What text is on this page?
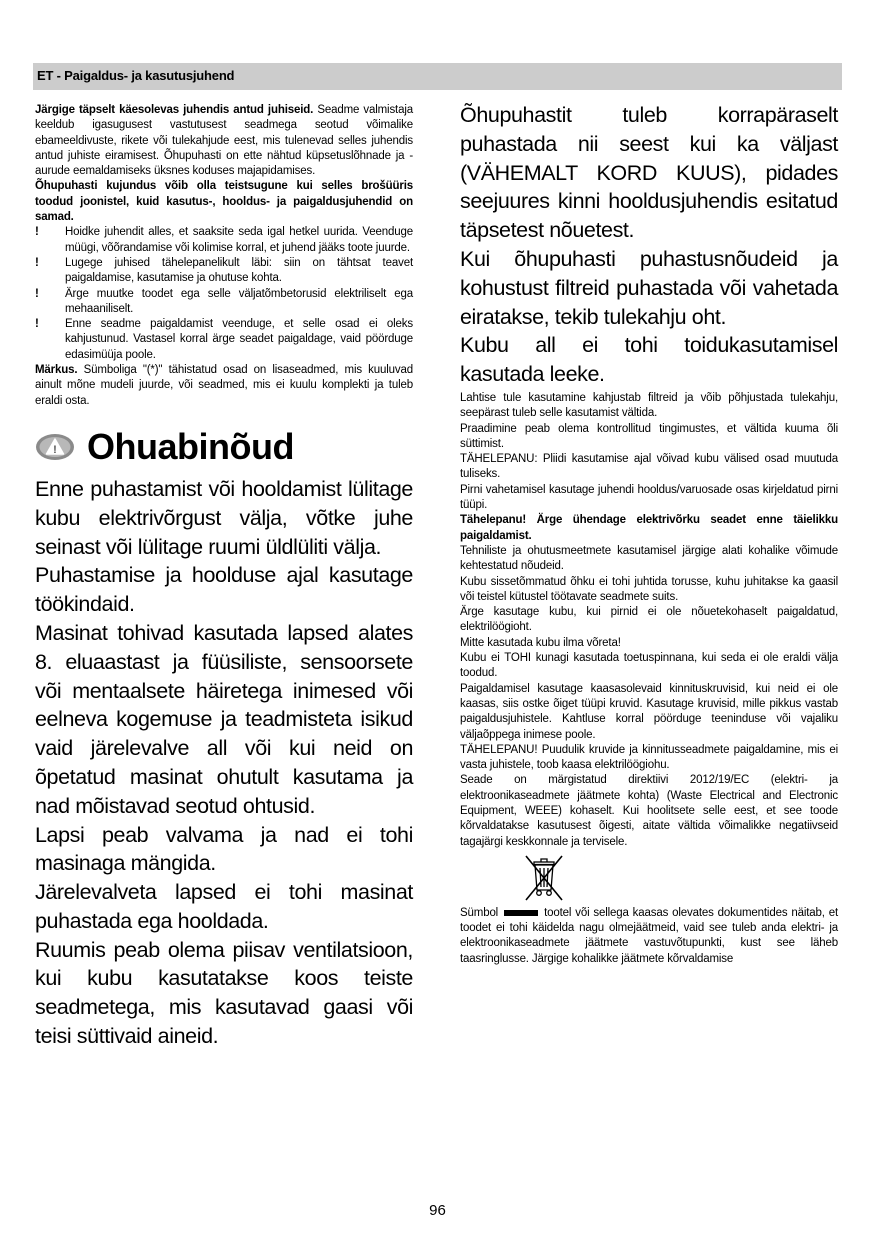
ET - Paigaldus- ja kasutusjuhend

Järgige täpselt käesolevas juhendis antud juhiseid. Seadme valmistaja keeldub igasugusest vastutusest seadmega seotud võimalike ebameeldivuste, rikete või tulekahjude eest, mis tulenevad selles juhendis antud juhiste eiramisest. Õhupuhasti on ette nähtud küpsetuslõhnade ja -aurude eemaldamiseks üksnes koduses majapidamises.

Õhupuhasti kujundus võib olla teistsugune kui selles brošüüris toodud joonistel, kuid kasutus-, hooldus- ja paigaldusjuhendid on samad.

!	Hoidke juhendit alles, et saaksite seda igal hetkel uurida. Veenduge müügi, võõrandamise või kolimise korral, et juhend jääks toote juurde.
!	Lugege juhised tähelepanelikult läbi: siin on tähtsat teavet paigaldamise, kasutamise ja ohutuse kohta.
!	Ärge muutke toodet ega selle väljatõmbetorusid elektriliselt ega mehaaniliselt.
!	Enne seadme paigaldamist veenduge, et selle osad ei oleks kahjustunud. Vastasel korral ärge seadet paigaldage, vaid pöörduge edasimüüja poole.

Märkus. Sümboliga "(*)" tähistatud osad on lisaseadmed, mis kuuluvad ainult mõne mudeli juurde, või seadmed, mis ei kuulu komplekti ja tuleb eraldi osta.

! Ohuabinõud

Enne puhastamist või hooldamist lülitage kubu elektrivõrgust välja, võtke juhe seinast või lülitage ruumi üldlüliti välja.

Puhastamise ja hoolduse ajal kasutage töökindaid.

Masinat tohivad kasutada lapsed alates 8. eluaastast ja füüsiliste, sensoorsete või mentaalsete häiretega inimesed või eelneva kogemuse ja teadmisteta isikud vaid järelevalve all või kui neid on õpetatud masinat ohutult kasutama ja nad mõistavad seotud ohtusid.

Lapsi peab valvama ja nad ei tohi masinaga mängida.

Järelevalveta lapsed ei tohi masinat puhastada ega hooldada.

Ruumis peab olema piisav ventilatsioon, kui kubu kasutatakse koos teiste seadmetega, mis kasutavad gaasi või teisi süttivaid aineid.

Õhupuhastit tuleb korrapäraselt puhastada nii seest kui ka väljast (VÄHEMALT KORD KUUS), pidades seejuures kinni hooldusjuhendis esitatud täpsetest nõuetest.

Kui õhupuhasti puhastusnõudeid ja kohustust filtreid puhastada või vahetada eiratakse, tekib tulekahju oht.

Kubu all ei tohi toidukasutamisel kasutada leeke.

Lahtise tule kasutamine kahjustab filtreid ja võib põhjustada tulekahju, seepärast tuleb selle kasutamist vältida.

Praadimine peab olema kontrollitud tingimustes, et vältida kuuma õli süttimist.

TÄHELEPANU: Pliidi kasutamise ajal võivad kubu välised osad muutuda tuliseks.

Pirni vahetamisel kasutage juhendi hooldus/varuosade osas kirjeldatud pirni tüüpi.

Tähelepanu! Ärge ühendage elektrivõrku seadet enne täielikku paigaldamist.

Tehniliste ja ohutusmeetmete kasutamisel järgige alati kohalike võimude kehtestatud nõudeid.

Kubu sissetõmmatud õhku ei tohi juhtida torusse, kuhu juhitakse ka gaasil või teistel kütustel töötavate seadmete suits.

Ärge kasutage kubu, kui pirnid ei ole nõuetekohaselt paigaldatud, elektrilöögioht.

Mitte kasutada kubu ilma võreta!

Kubu ei TOHI kunagi kasutada toetuspinnana, kui seda ei ole eraldi välja toodud.

Paigaldamisel kasutage kaasasolevaid kinnituskruvisid, kui neid ei ole kaasas, siis ostke õiget tüüpi kruvid. Kasutage kruvisid, mille pikkus vastab paigaldusjuhistele. Kahtluse korral pöörduge teeninduse või vajaliku väljaõppega inimese poole.

TÄHELEPANU! Puudulik kruvide ja kinnitusseadmete paigaldamine, mis ei vasta juhistele, toob kaasa elektrilöögiohu.

Seade on märgistatud direktiivi 2012/19/EC (elektri- ja elektroonikaseadmete jäätmete kohta) (Waste Electrical and Electronic Equipment, WEEE) kohaselt. Kui hoolitsete selle eest, et see toode kõrvaldatakse kasutusest õigesti, aitate vältida võimalikke negatiivseid tagajärgi keskkonnale ja tervisele.

Sümbol	tootel või sellega kaasas olevates dokumentides näitab, et toodet ei tohi käidelda nagu olmejäätmeid, vaid see tuleb anda elektri- ja elektroonikaseadmete jäätmete vastuvõtupunkti, kust see läheb taasringlusse. Järgige kohalikke jäätmete kõrvaldamise

96
